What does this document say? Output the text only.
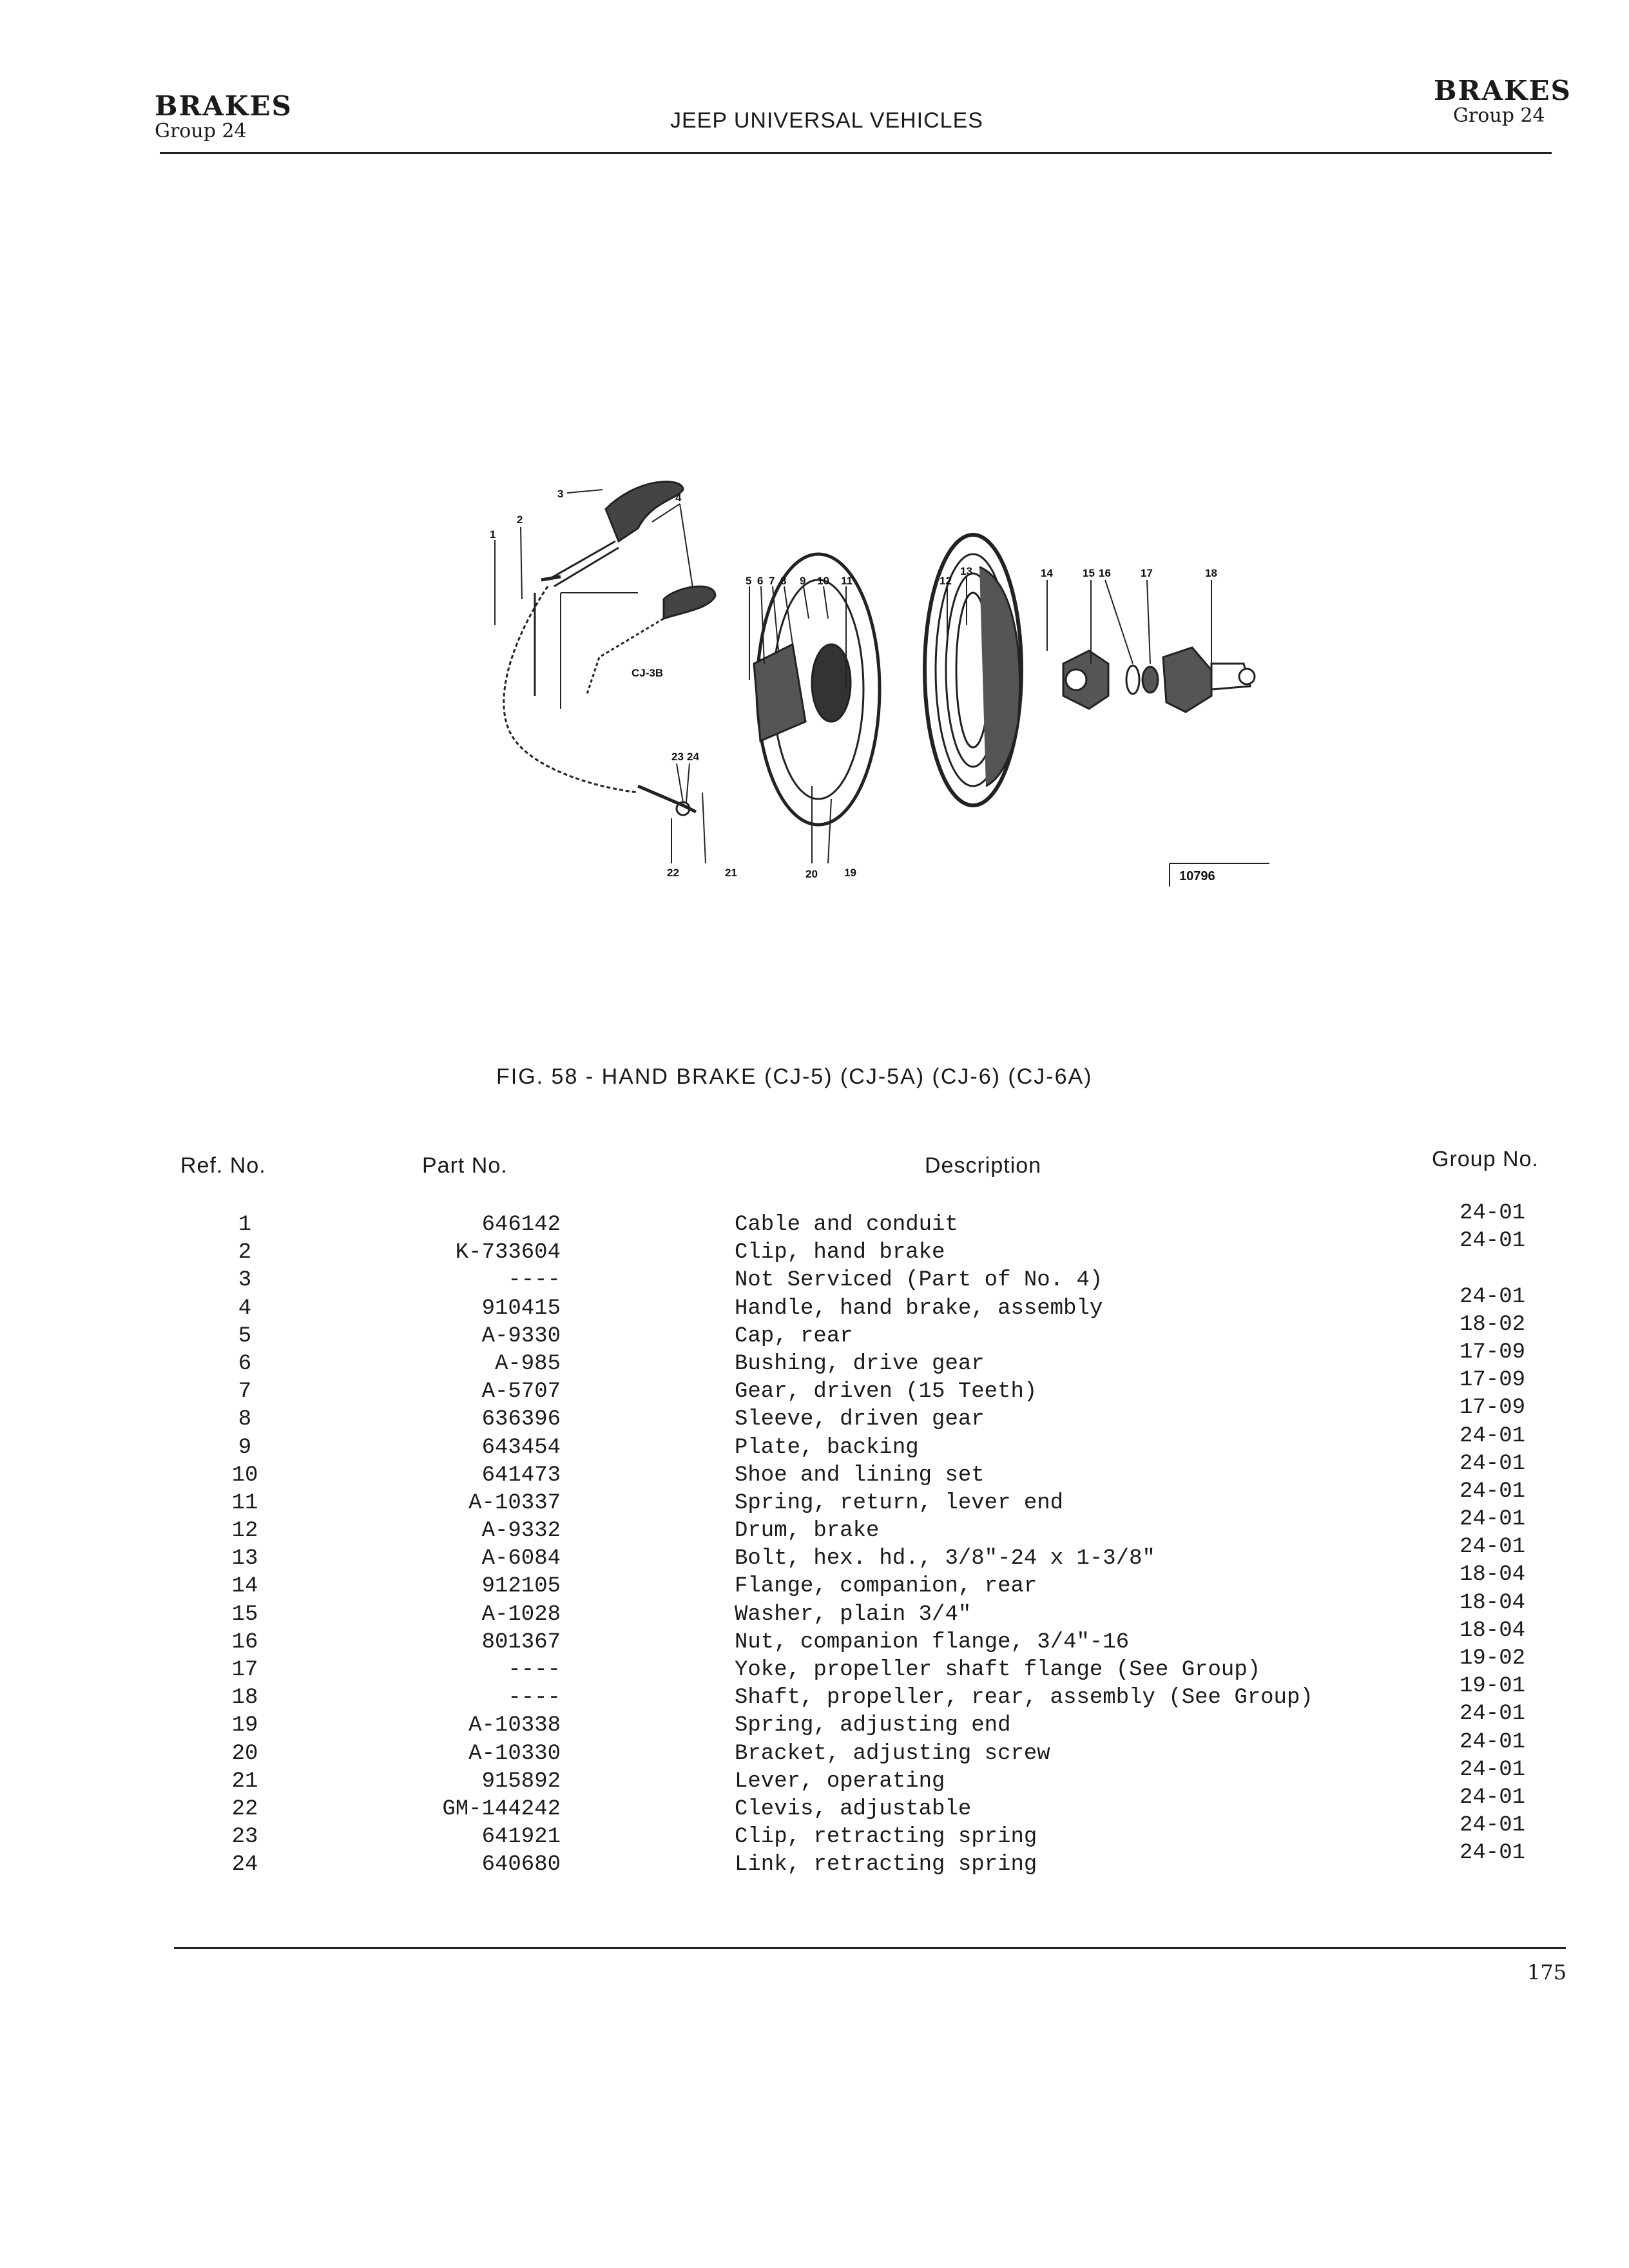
BRAKES
Group 24	JEEP UNIVERSAL VEHICLES
BRAKES
Group 24
1
2
3	4
5 6 7 8 9 10 11	12
13	14	15 16	17	18
19
20
21
22
23 24
CJ-3B
10796
FIG. 58 - HAND BRAKE (CJ-5) (CJ-5A) (CJ-6) (CJ-6A)
Ref. No.	Part No.	Description	Group No.
1	646142	Cable and conduit	24-01
2	K-733604	Clip, hand brake	24-01
3	----	Not Serviced (Part of No. 4)
4	910415	Handle, hand brake, assembly	24-01
5	A-9330	Cap, rear	18-02
6	A-985	Bushing, drive gear	17-09
7	A-5707	Gear, driven (15 Teeth)	17-09
8	636396	Sleeve, driven gear	17-09
9	643454	Plate, backing	24-01
10	641473	Shoe and lining set	24-01
11	A-10337	Spring, return, lever end	24-01
12	A-9332	Drum, brake	24-01
13	A-6084	Bolt, hex. hd., 3/8"-24 x 1-3/8"	24-01
14	912105	Flange, companion, rear	18-04
15	A-1028	Washer, plain 3/4"	18-04
16	801367	Nut, companion flange, 3/4"-16	18-04
17	----	Yoke, propeller shaft flange (See Group)	19-02
18	----	Shaft, propeller, rear, assembly (See Group)	19-01
19	A-10338	Spring, adjusting end	24-01
20	A-10330	Bracket, adjusting screw	24-01
21	915892	Lever, operating	24-01
22	GM-144242	Clevis, adjustable	24-01
23	641921	Clip, retracting spring	24-01
24	640680	Link, retracting spring	24-01
175
